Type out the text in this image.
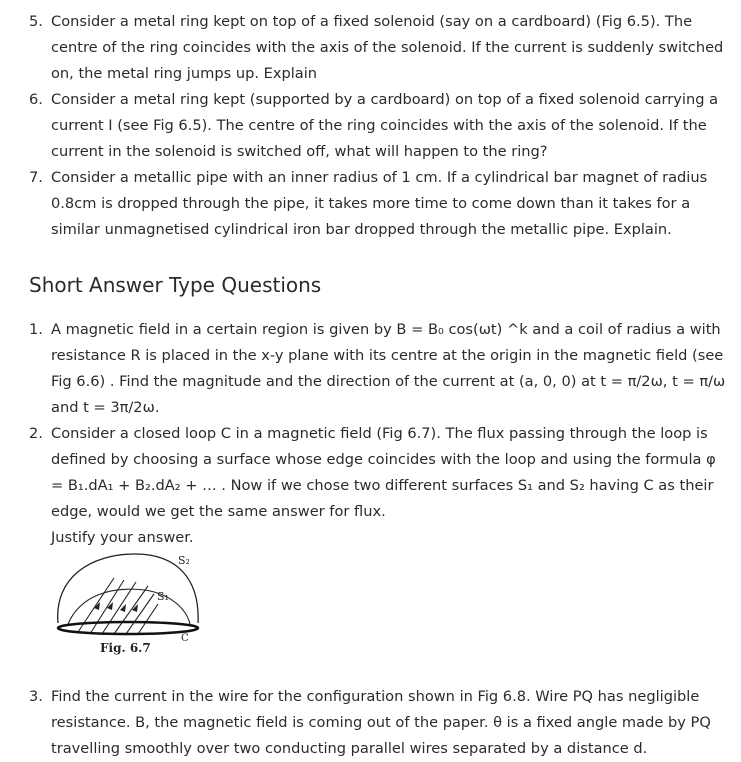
5. Consider a metal ring kept on top of a fixed solenoid (say on a cardboard) (Fig 6.5). The centre of the ring coincides with the axis of the solenoid. If the current is suddenly switched on, the metal ring jumps up. Explain
6. Consider a metal ring kept (supported by a cardboard) on top of a fixed solenoid carrying a current I (see Fig 6.5). The centre of the ring coincides with the axis of the solenoid. If the current in the solenoid is switched off, what will happen to the ring?
7. Consider a metallic pipe with an inner radius of 1 cm. If a cylindrical bar magnet of radius 0.8cm is dropped through the pipe, it takes more time to come down than it takes for a similar unmagnetised cylindrical iron bar dropped through the metallic pipe. Explain.
Short Answer Type Questions
1. A magnetic field in a certain region is given by B = B₀ cos(ωt) ^k and a coil of radius a with resistance R is placed in the x-y plane with its centre at the origin in the magnetic field (see Fig 6.6) . Find the magnitude and the direction of the current at (a, 0, 0) at t = π/2ω, t = π/ω and t = 3π/2ω.
2. Consider a closed loop C in a magnetic field (Fig 6.7). The flux passing through the loop is defined by choosing a surface whose edge coincides with the loop and using the formula φ = B₁.dA₁ + B₂.dA₂ + … . Now if we chose two different surfaces S₁ and S₂ having C as their edge, would we get the same answer for flux.
Justify your answer.
S₂
S₁
C
Fig. 6.7
3. Find the current in the wire for the configuration shown in Fig 6.8. Wire PQ has negligible resistance. B, the magnetic field is coming out of the paper. θ is a fixed angle made by PQ travelling smoothly over two conducting parallel wires separated by a distance d.
